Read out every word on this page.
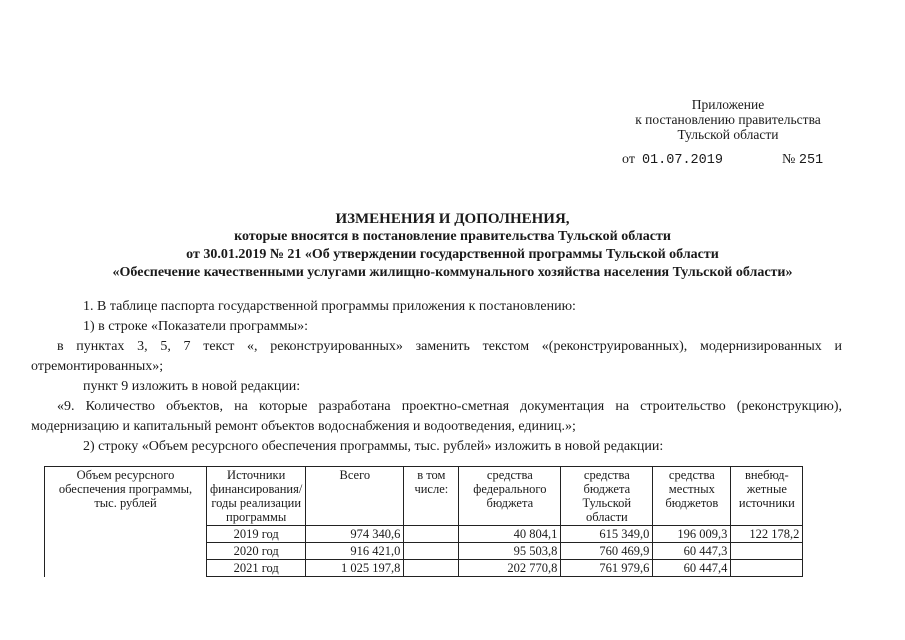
Приложение
к постановлению правительства
Тульской области
от 01.07.2019	№ 251
ИЗМЕНЕНИЯ И ДОПОЛНЕНИЯ,
которые вносятся в постановление правительства Тульской области
от 30.01.2019 № 21 «Об утверждении государственной программы Тульской области
«Обеспечение качественными услугами жилищно-коммунального хозяйства населения Тульской области»

1. В таблице паспорта государственной программы приложения к постановлению:

1) в строке «Показатели программы»:

в пунктах 3, 5, 7 текст «, реконструированных» заменить текстом «(реконструированных), модернизированных и отремонтированных»;

пункт 9 изложить в новой редакции:

«9. Количество объектов, на которые разработана проектно-сметная документация на строительство (реконструкцию), модернизацию и капитальный ремонт объектов водоснабжения и водоотведения, единиц.»;

2) строку «Объем ресурсного обеспечения программы, тыс. рублей» изложить в новой редакции:

Объем ресурсного обеспечения программы, тыс. рублей	Источники финансирования/ годы реализации программы	Всего	в том числе:	средства федерального бюджета	средства бюджета Тульской области	средства местных бюджетов	внебюд-жетные источники
	2019 год	974 340,6		40 804,1	615 349,0	196 009,3	122 178,2
	2020 год	916 421,0		95 503,8	760 469,9	60 447,3	
	2021 год	1 025 197,8		202 770,8	761 979,6	60 447,4	
